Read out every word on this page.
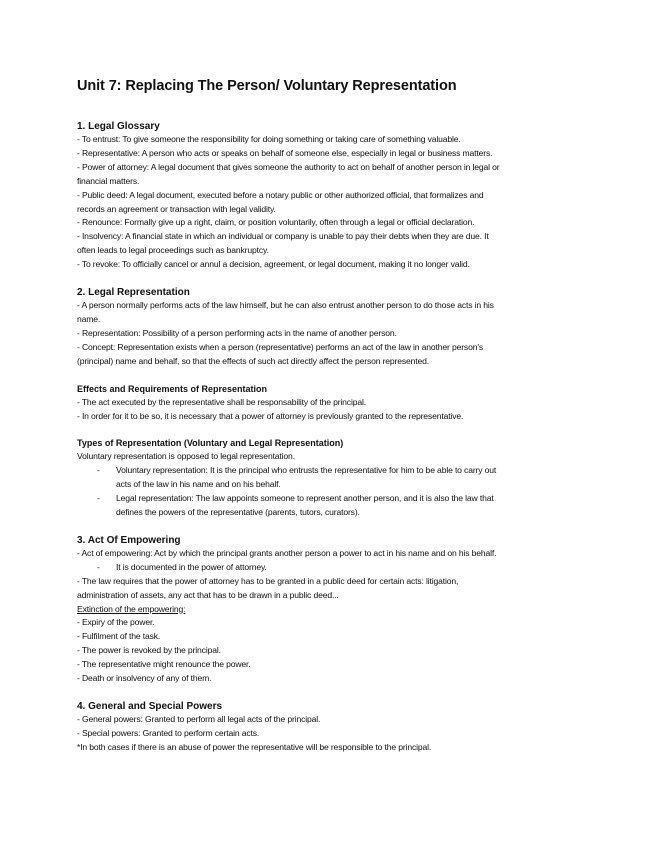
Unit 7: Replacing The Person/ Voluntary Representation
1. Legal Glossary

- To entrust: To give someone the responsibility for doing something or taking care of something valuable.

- Representative: A person who acts or speaks on behalf of someone else, especially in legal or business matters.

- Power of attorney: A legal document that gives someone the authority to act on behalf of another person in legal or

financial matters.

- Public deed: A legal document, executed before a notary public or other authorized official, that formalizes and

records an agreement or transaction with legal validity.

- Renounce: Formally give up a right, claim, or position voluntarily, often through a legal or official declaration.

- Insolvency: A financial state in which an individual or company is unable to pay their debts when they are due. It

often leads to legal proceedings such as bankruptcy.

- To revoke: To officially cancel or annul a decision, agreement, or legal document, making it no longer valid.

2. Legal Representation

- A person normally performs acts of the law himself, but he can also entrust another person to do those acts in his

name.

- Representation: Possibility of a person performing acts in the name of another person.

- Concept: Representation exists when a person (representative) performs an act of the law in another person's

(principal) name and behalf, so that the effects of such act directly affect the person represented.

Effects and Requirements of Representation

- The act executed by the representative shall be responsability of the principal.

- In order for it to be so, it is necessary that a power of attorney is previously granted to the representative.

Types of Representation (Voluntary and Legal Representation)

Voluntary representation is opposed to legal representation.

-	Voluntary representation: It is the principal who entrusts the representative for him to be able to carry out
acts of the law in his name and on his behalf.
-	Legal representation: The law appoints someone to represent another person, and it is also the law that
defines the powers of the representative (parents, tutors, curators).
3. Act Of Empowering

- Act of empowering: Act by which the principal grants another person a power to act in his name and on his behalf.

-	It is documented in the power of attorney.

- The law requires that the power of attorney has to be granted in a public deed for certain acts: litigation,

administration of assets, any act that has to be drawn in a public deed...

Extinction of the empowering:

- Expiry of the power.

- Fulfilment of the task.

- The power is revoked by the principal.

- The representative might renounce the power.

- Death or insolvency of any of them.

4. General and Special Powers

- General powers: Granted to perform all legal acts of the principal.

- Special powers: Granted to perform certain acts.

*In both cases if there is an abuse of power the representative will be responsible to the principal.
